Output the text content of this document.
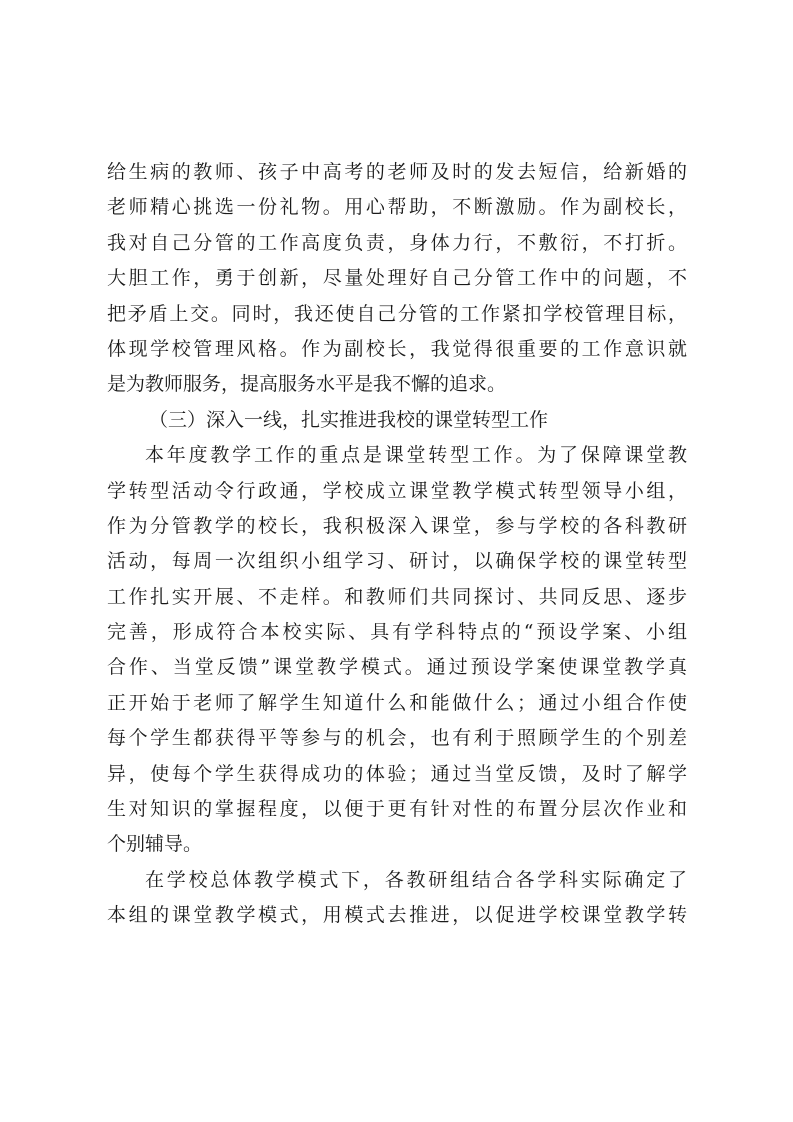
给生病的教师、孩子中高考的老师及时的发去短信，给新婚的
老师精心挑选一份礼物。用心帮助，不断激励。作为副校长，
我对自己分管的工作高度负责，身体力行，不敷衍，不打折。
大胆工作，勇于创新，尽量处理好自己分管工作中的问题，不
把矛盾上交。同时，我还使自己分管的工作紧扣学校管理目标，
体现学校管理风格。作为副校长，我觉得很重要的工作意识就
是为教师服务，提高服务水平是我不懈的追求。
（三）深入一线，扎实推进我校的课堂转型工作
本年度教学工作的重点是课堂转型工作。为了保障课堂教
学转型活动令行政通，学校成立课堂教学模式转型领导小组，
作为分管教学的校长，我积极深入课堂，参与学校的各科教研
活动，每周一次组织小组学习、研讨，以确保学校的课堂转型
工作扎实开展、不走样。和教师们共同探讨、共同反思、逐步
完善，形成符合本校实际、具有学科特点的“预设学案、小组
合作、当堂反馈”课堂教学模式。通过预设学案使课堂教学真
正开始于老师了解学生知道什么和能做什么；通过小组合作使
每个学生都获得平等参与的机会，也有利于照顾学生的个别差
异，使每个学生获得成功的体验；通过当堂反馈，及时了解学
生对知识的掌握程度，以便于更有针对性的布置分层次作业和
个别辅导。
在学校总体教学模式下，各教研组结合各学科实际确定了
本组的课堂教学模式，用模式去推进，以促进学校课堂教学转
